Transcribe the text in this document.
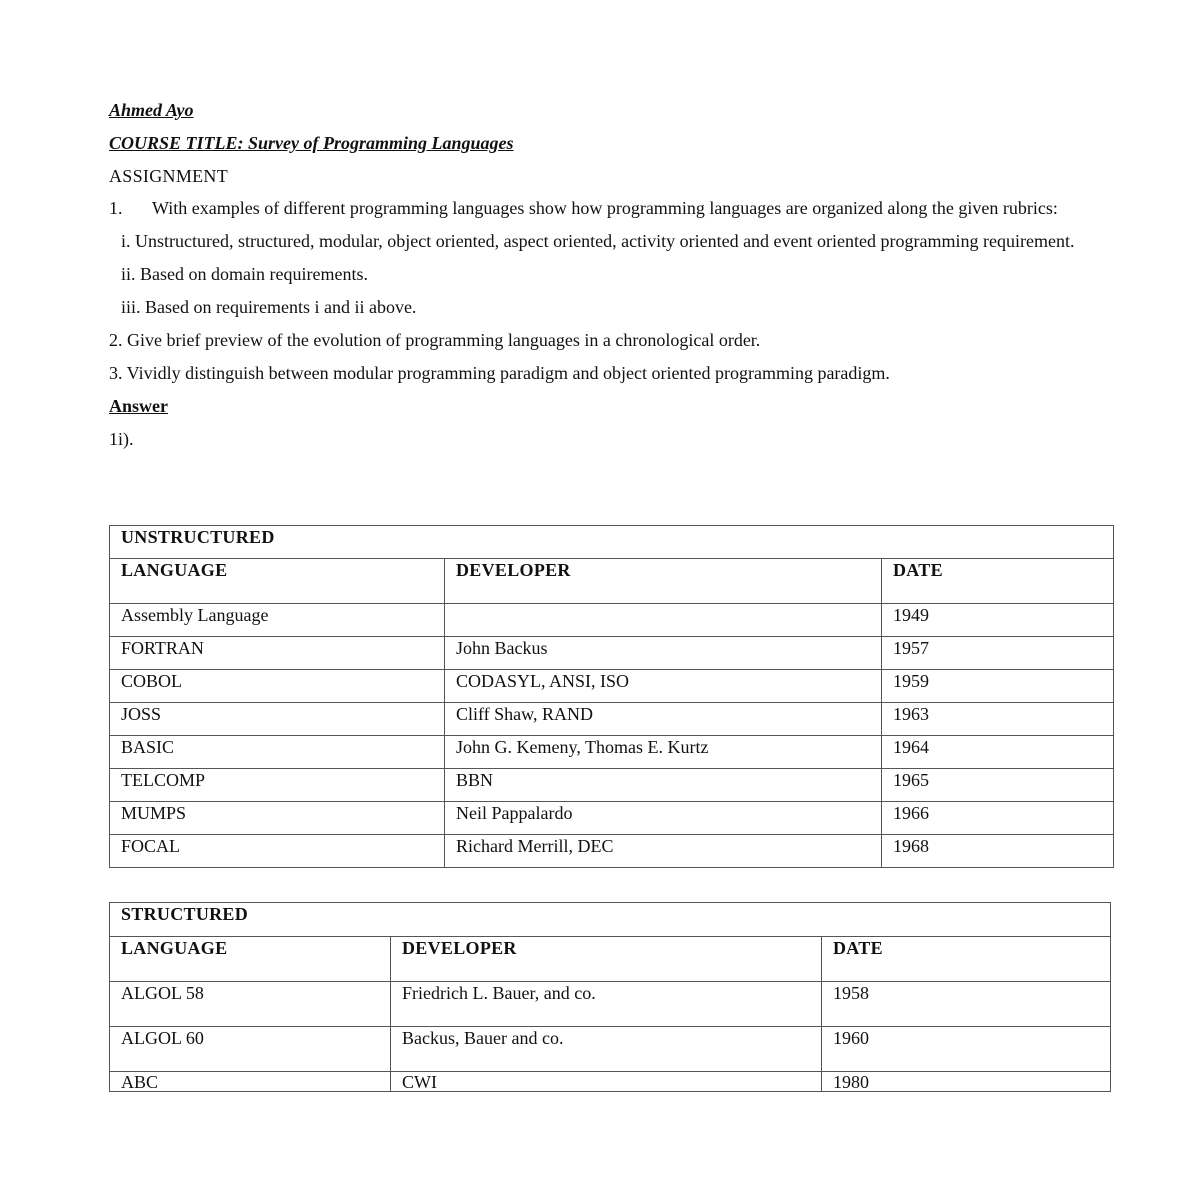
Ahmed Ayo
COURSE TITLE: Survey of Programming Languages
ASSIGNMENT
1.	With examples of different programming languages show how programming languages are organized along the given rubrics:
i. Unstructured, structured, modular, object oriented, aspect oriented, activity oriented and event oriented programming requirement.
ii. Based on domain requirements.
iii. Based on requirements i and ii above.
2. Give brief preview of the evolution of programming languages in a chronological order.
3. Vividly distinguish between modular programming paradigm and object oriented programming paradigm.
Answer
1i).
UNSTRUCTURED		
LANGUAGE	DEVELOPER	DATE
Assembly Language		1949
FORTRAN	John Backus	1957
COBOL	CODASYL, ANSI, ISO	1959
JOSS	Cliff Shaw, RAND	1963
BASIC	John G. Kemeny, Thomas E. Kurtz	1964
TELCOMP	BBN	1965
MUMPS	Neil Pappalardo	1966
FOCAL	Richard Merrill, DEC	1968
STRUCTURED		
LANGUAGE	DEVELOPER	DATE
ALGOL 58	Friedrich L. Bauer, and co.	1958
ALGOL 60	Backus, Bauer and co.	1960
ABC	CWI	1980
